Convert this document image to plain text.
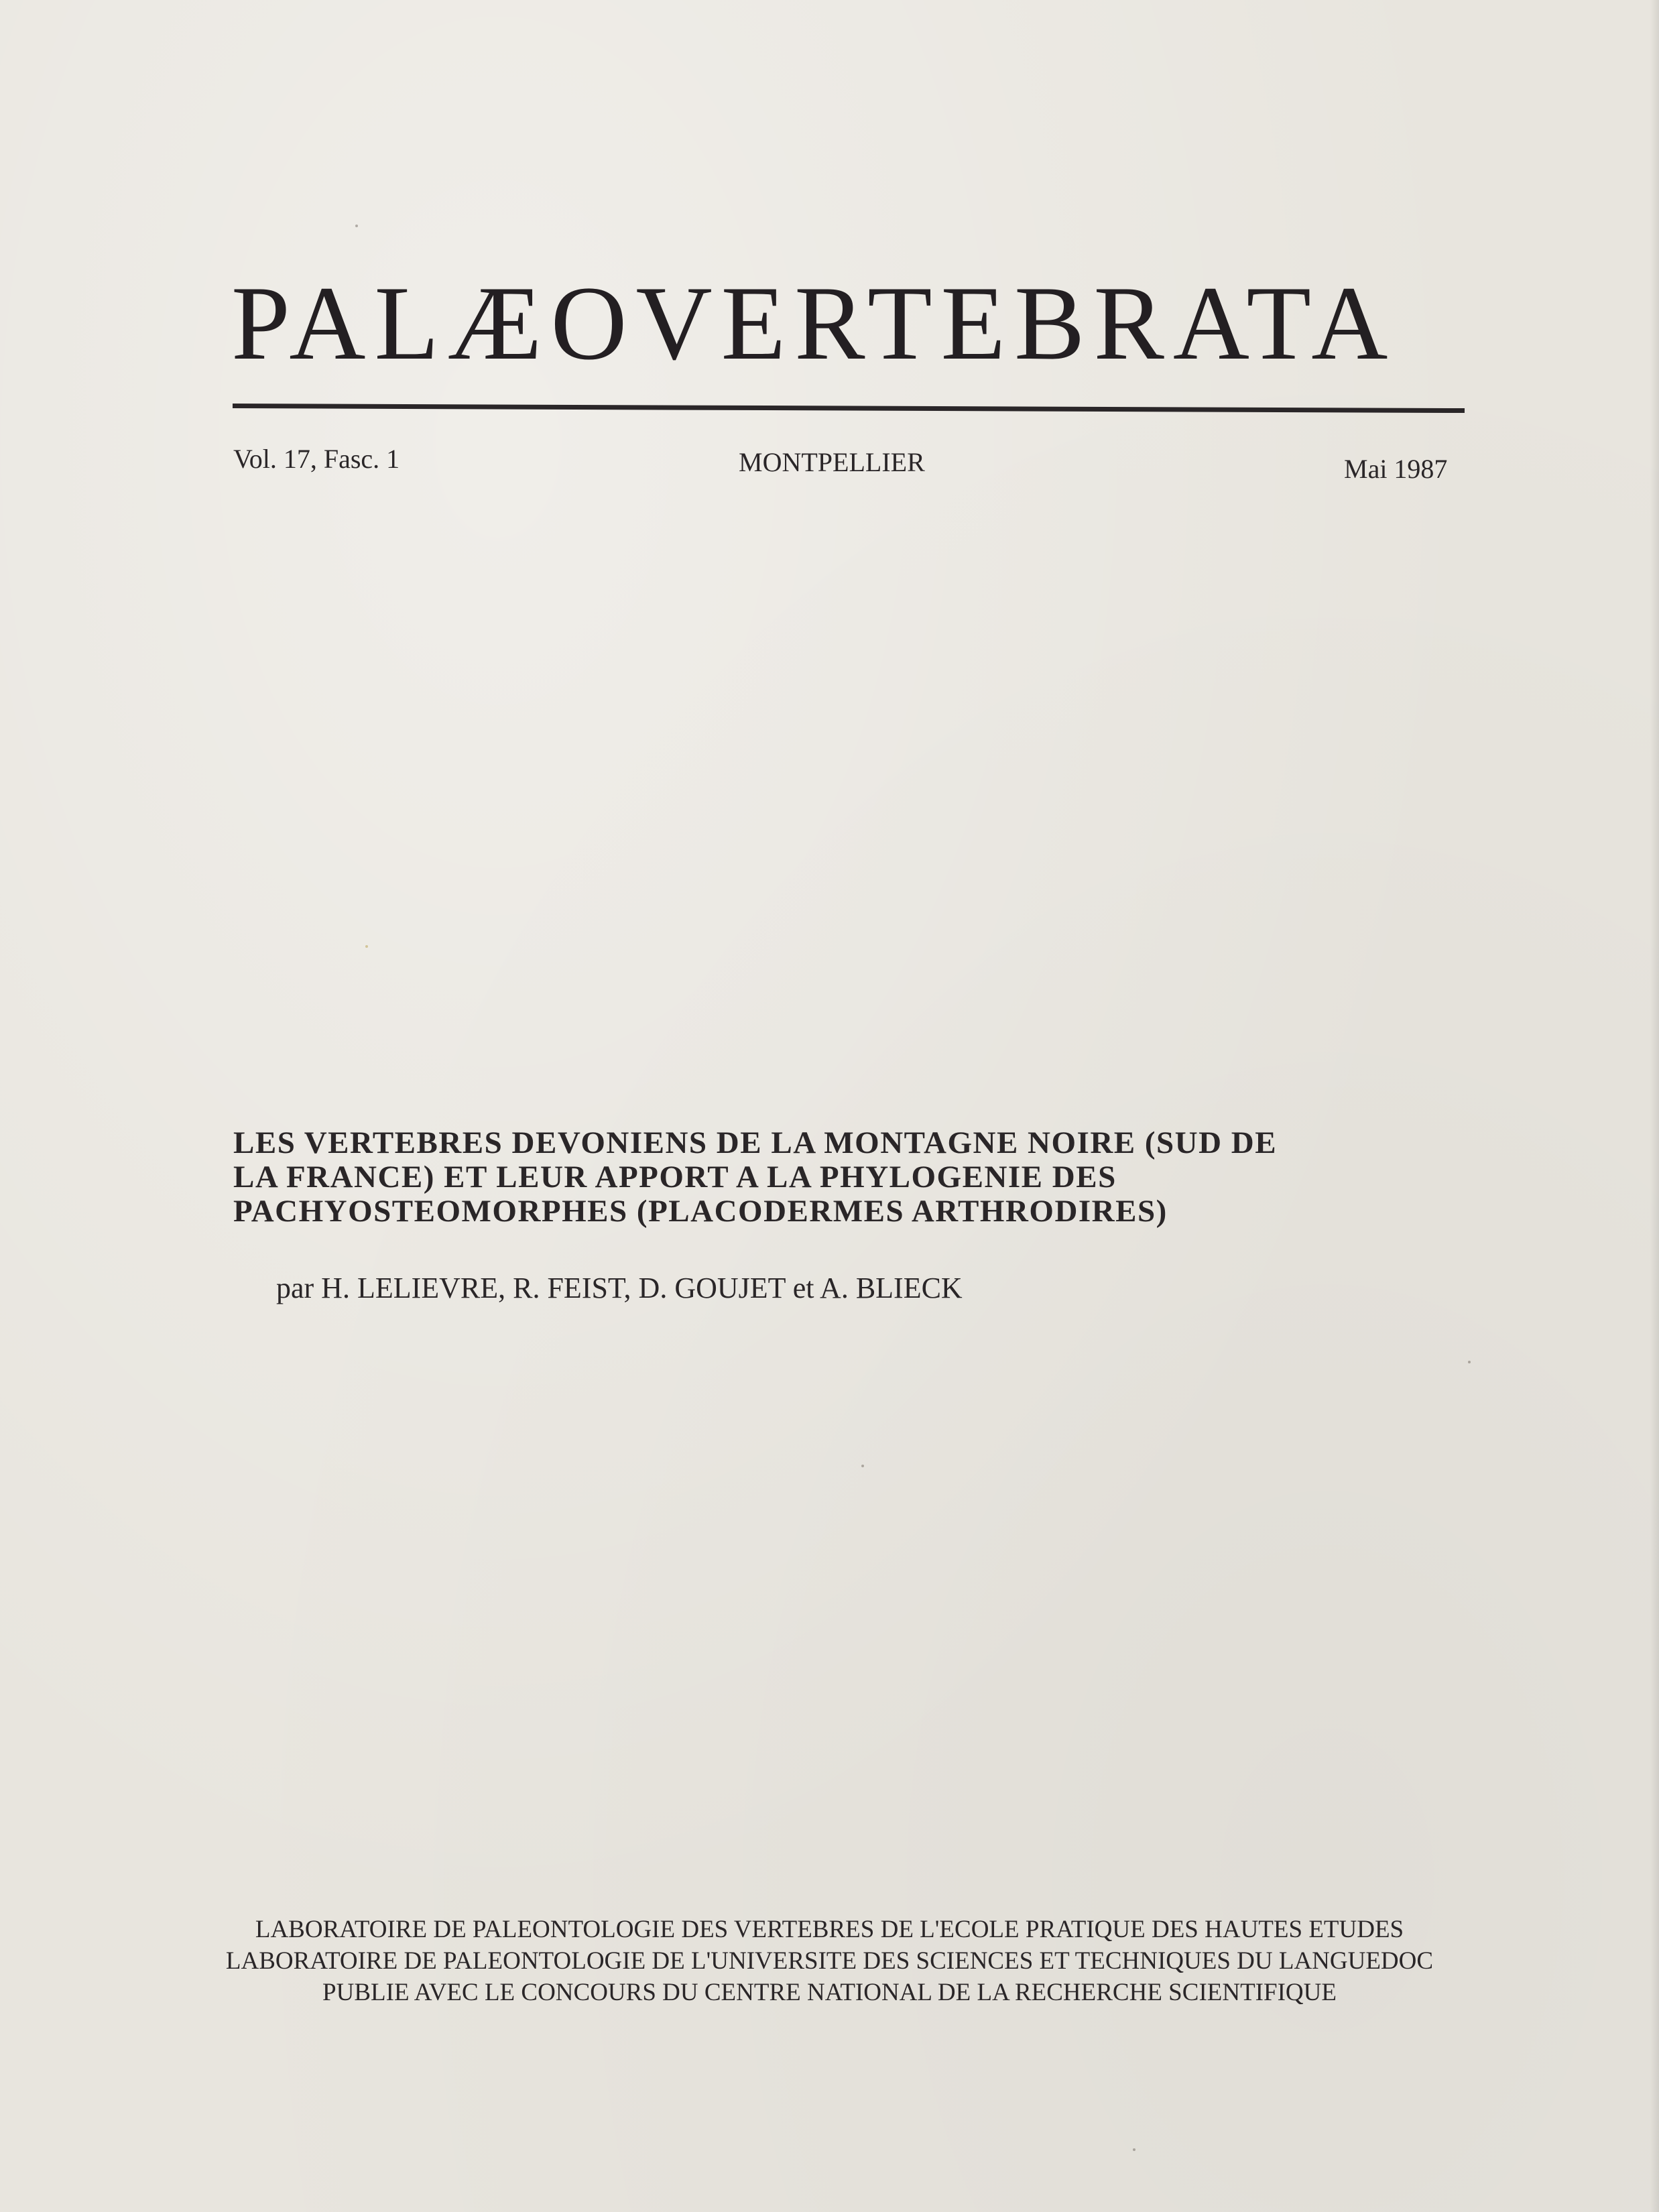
PALÆOVERTEBRATA
Vol. 17, Fasc. 1	MONTPELLIER	Mai 1987
LES VERTEBRES DEVONIENS DE LA MONTAGNE NOIRE (SUD DE
LA FRANCE) ET LEUR APPORT A LA PHYLOGENIE DES
PACHYOSTEOMORPHES (PLACODERMES ARTHRODIRES)
par H. LELIEVRE, R. FEIST, D. GOUJET et A. BLIECK
LABORATOIRE DE PALEONTOLOGIE DES VERTEBRES DE L'ECOLE PRATIQUE DES HAUTES ETUDES
LABORATOIRE DE PALEONTOLOGIE DE L'UNIVERSITE DES SCIENCES ET TECHNIQUES DU LANGUEDOC
PUBLIE AVEC LE CONCOURS DU CENTRE NATIONAL DE LA RECHERCHE SCIENTIFIQUE
